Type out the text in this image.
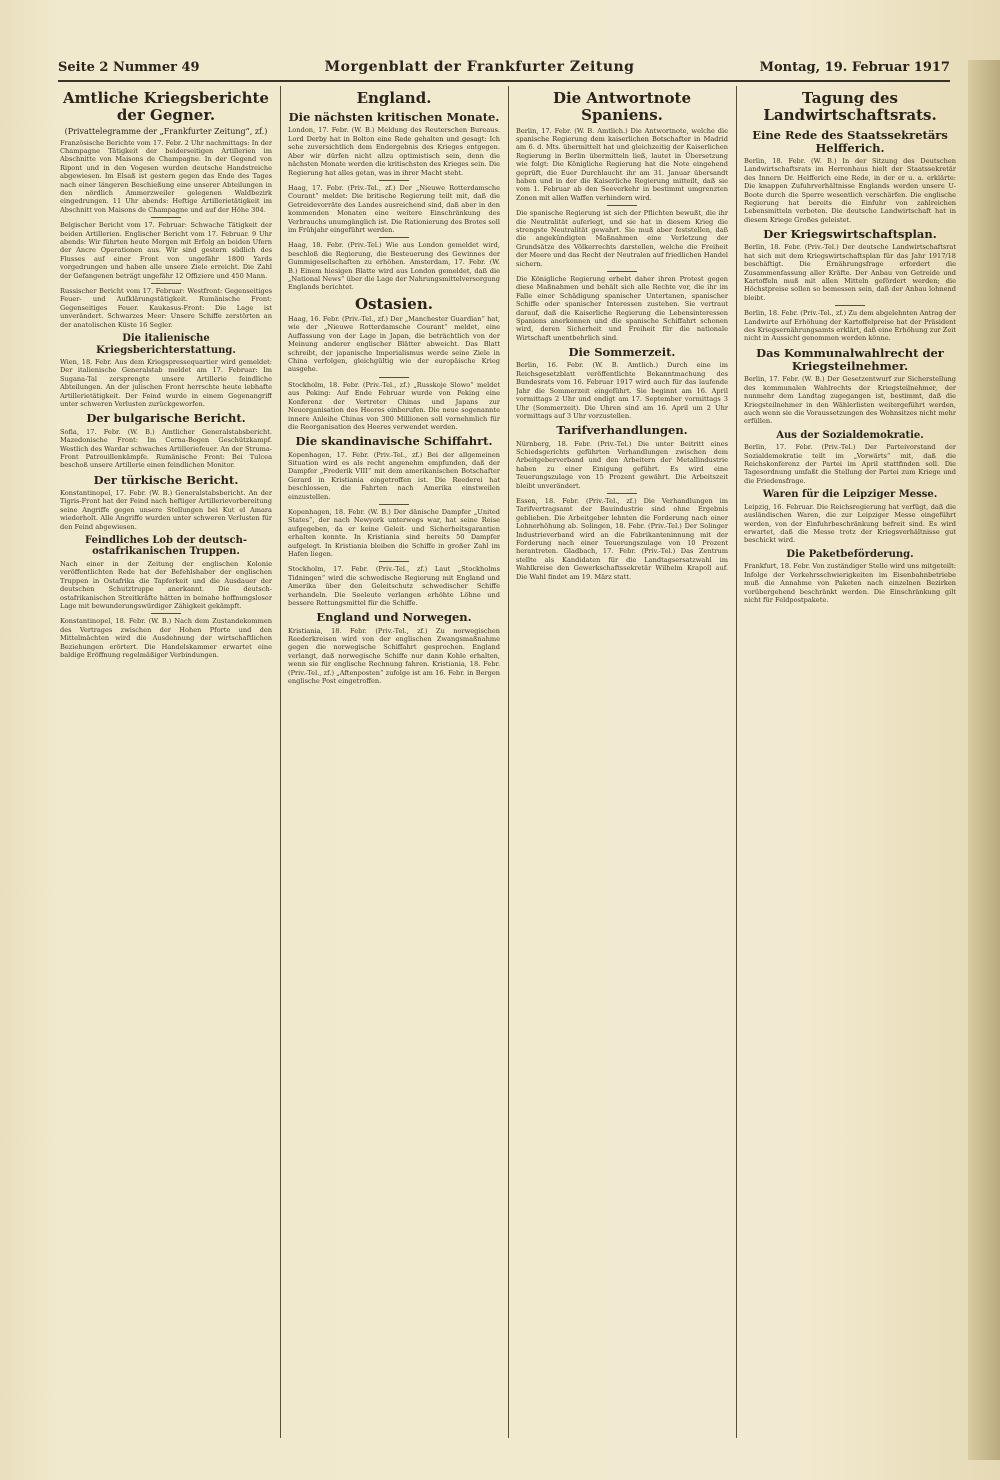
Seite 2 Nummer 49	Morgenblatt der Frankfurter Zeitung	Montag, 19. Februar 1917
Amtliche Kriegsberichte der Gegner.
(Privattelegramme der „Frankfurter Zeitung“, zf.)

Französische Berichte vom 17. Febr. 2 Uhr nachmittags: In der Champagne Tätigkeit der beiderseitigen Artillerien im Abschnitte von Maisons de Champagne. In der Gegend von Ripont und in den Vogesen wurden deutsche Handstreiche abgewiesen. Im Elsaß ist gestern gegen das Ende des Tages nach einer längeren Beschießung eine unserer Abteilungen in den nördlich Ammerzweiler gelegenen Waldbezirk eingedrungen. 11 Uhr abends: Heftige Artillerietätigkeit im Abschnitt von Maisons de Champagne und auf der Höhe 304.

Belgischer Bericht vom 17. Februar: Schwache Tätigkeit der beiden Artillerien. Englischer Bericht vom 17. Februar. 9 Uhr abends: Wir führten heute Morgen mit Erfolg an beiden Ufern der Ancre Operationen aus. Wir sind gestern südlich des Flusses auf einer Front von ungefähr 1800 Yards vorgedrungen und haben alle unsere Ziele erreicht. Die Zahl der Gefangenen beträgt ungefähr 12 Offiziere und 450 Mann.

Russischer Bericht vom 17. Februar: Westfront: Gegenseitiges Feuer- und Aufklärungstätigkeit. Rumänische Front: Gegenseitiges Feuer. Kaukasus-Front: Die Lage ist unverändert. Schwarzes Meer: Unsere Schiffe zerstörten an der anatolischen Küste 16 Segler.

Die italienische Kriegsberichterstattung.

Wien, 18. Febr. Aus dem Kriegspressequartier wird gemeldet: Der italienische Generalstab meldet am 17. Februar: Im Sugana-Tal zersprengte unsere Artillerie feindliche Abteilungen. An der julischen Front herrschte heute lebhafte Artillerietätigkeit. Der Feind wurde in einem Gegenangriff unter schweren Verlusten zurückgeworfen.

Der bulgarische Bericht.

Sofia, 17. Febr. (W. B.) Amtlicher Generalstabsbericht. Mazedonische Front: Im Cerna-Bogen Geschützkampf. Westlich des Wardar schwaches Artilleriefeuer. An der Struma-Front Patrouillenkämpfe. Rumänische Front: Bei Tulcea beschoß unsere Artillerie einen feindlichen Monitor.

Der türkische Bericht.

Konstantinopel, 17. Febr. (W. B.) Generalstabsbericht. An der Tigris-Front hat der Feind nach heftiger Artillerievorbereitung seine Angriffe gegen unsere Stellungen bei Kut el Amara wiederholt. Alle Angriffe wurden unter schweren Verlusten für den Feind abgewiesen.

Feindliches Lob der deutsch-ostafrikanischen Truppen.

Nach einer in der Zeitung der englischen Kolonie veröffentlichten Rede hat der Befehlshaber der englischen Truppen in Ostafrika die Tapferkeit und die Ausdauer der deutschen Schutztruppe anerkannt. Die deutsch-ostafrikanischen Streitkräfte hätten in beinahe hoffnungsloser Lage mit bewunderungswürdiger Zähigkeit gekämpft.

Konstantinopel, 18. Febr. (W. B.) Nach dem Zustandekommen des Vertrages zwischen der Hohen Pforte und den Mittelmächten wird die Ausdehnung der wirtschaftlichen Beziehungen erörtert. Die Handelskammer erwartet eine baldige Eröffnung regelmäßiger Verbindungen.

England.
Die nächsten kritischen Monate.

London, 17. Febr. (W. B.) Meldung des Reuterschen Bureaus. Lord Derby hat in Bolton eine Rede gehalten und gesagt: Ich sehe zuversichtlich dem Endergebnis des Krieges entgegen. Aber wir dürfen nicht allzu optimistisch sein, denn die nächsten Monate werden die kritischsten des Krieges sein. Die Regierung hat alles getan, was in ihrer Macht steht.

Haag, 17. Febr. (Priv.-Tel., zf.) Der „Nieuwe Rotterdamsche Courant“ meldet: Die britische Regierung teilt mit, daß die Getreidevorräte des Landes ausreichend sind, daß aber in den kommenden Monaten eine weitere Einschränkung des Verbrauchs unumgänglich ist. Die Rationierung des Brotes soll im Frühjahr eingeführt werden.

Haag, 18. Febr. (Priv.-Tel.) Wie aus London gemeldet wird, beschloß die Regierung, die Besteuerung des Gewinnes der Gummigesellschaften zu erhöhen. Amsterdam, 17. Febr. (W. B.) Einem hiesigen Blatte wird aus London gemeldet, daß die „National News“ über die Lage der Nahrungsmittelversorgung Englands berichtet.

Ostasien.

Haag, 16. Febr. (Priv.-Tel., zf.) Der „Manchester Guardian“ hat, wie der „Nieuwe Rotterdamsche Courant“ meldet, eine Auffassung von der Lage in Japan, die beträchtlich von der Meinung anderer englischer Blätter abweicht. Das Blatt schreibt, der japanische Imperialismus werde seine Ziele in China verfolgen, gleichgültig wie der europäische Krieg ausgehe.

Stockholm, 18. Febr. (Priv.-Tel., zf.) „Russkoje Slowo“ meldet aus Peking: Auf Ende Februar wurde von Peking eine Konferenz der Vertreter Chinas und Japans zur Neuorganisation des Heeres einberufen. Die neue sogenannte innere Anleihe Chinas von 300 Millionen soll vornehmlich für die Reorganisation des Heeres verwendet werden.

Die skandinavische Schiffahrt.

Kopenhagen, 17. Febr. (Priv.-Tel., zf.) Bei der allgemeinen Situation wird es als recht angenehm empfunden, daß der Dampfer „Frederik VIII“ mit dem amerikanischen Botschafter Gerard in Kristiania eingetroffen ist. Die Reederei hat beschlossen, die Fahrten nach Amerika einstweilen einzustellen.

Kopenhagen, 18. Febr. (W. B.) Der dänische Dampfer „United States“, der nach Newyork unterwegs war, hat seine Reise aufgegeben, da er keine Geleit- und Sicherheitsgarantien erhalten konnte. In Kristiania sind bereits 50 Dampfer aufgelegt. In Kristiania bleiben die Schiffe in großer Zahl im Hafen liegen.

Stockholm, 17. Febr. (Priv.-Tel., zf.) Laut „Stockholms Tidningen“ wird die schwedische Regierung mit England und Amerika über den Geleitschutz schwedischer Schiffe verhandeln. Die Seeleute verlangen erhöhte Löhne und bessere Rettungsmittel für die Schiffe.

England und Norwegen.

Kristiania, 18. Febr. (Priv.-Tel., zf.) Zu norwegischen Reederkreisen wird von der englischen Zwangsmaßnahme gegen die norwegische Schiffahrt gesprochen. England verlangt, daß norwegische Schiffe nur dann Kohle erhalten, wenn sie für englische Rechnung fahren. Kristiania, 18. Febr. (Priv.-Tel., zf.) „Aftenposten“ zufolge ist am 16. Febr. in Bergen englische Post eingetroffen.

Die Antwortnote Spaniens.

Berlin, 17. Febr. (W. B. Amtlich.) Die Antwortnote, welche die spanische Regierung dem kaiserlichen Botschafter in Madrid am 6. d. Mts. übermittelt hat und gleichzeitig der Kaiserlichen Regierung in Berlin übermitteln ließ, lautet in Übersetzung wie folgt: Die Königliche Regierung hat die Note eingehend geprüft, die Euer Durchlaucht ihr am 31. Januar übersandt haben und in der die Kaiserliche Regierung mitteilt, daß sie vom 1. Februar ab den Seeverkehr in bestimmt umgrenzten Zonen mit allen Waffen verhindern wird.

Die spanische Regierung ist sich der Pflichten bewußt, die ihr die Neutralität auferlegt, und sie hat in diesem Krieg die strengste Neutralität gewahrt. Sie muß aber feststellen, daß die angekündigten Maßnahmen eine Verletzung der Grundsätze des Völkerrechts darstellen, welche die Freiheit der Meere und das Recht der Neutralen auf friedlichen Handel sichern.

Die Königliche Regierung erhebt daher ihren Protest gegen diese Maßnahmen und behält sich alle Rechte vor, die ihr im Falle einer Schädigung spanischer Untertanen, spanischer Schiffe oder spanischer Interessen zustehen. Sie vertraut darauf, daß die Kaiserliche Regierung die Lebensinteressen Spaniens anerkennen und die spanische Schiffahrt schonen wird, deren Sicherheit und Freiheit für die nationale Wirtschaft unentbehrlich sind.

Die Sommerzeit.

Berlin, 16. Febr. (W. B. Amtlich.) Durch eine im Reichsgesetzblatt veröffentlichte Bekanntmachung des Bundesrats vom 16. Februar 1917 wird auch für das laufende Jahr die Sommerzeit eingeführt. Sie beginnt am 16. April vormittags 2 Uhr und endigt am 17. September vormittags 3 Uhr (Sommerzeit). Die Uhren sind am 16. April um 2 Uhr vormittags auf 3 Uhr vorzustellen.

Tarifverhandlungen.

Nürnberg, 18. Febr. (Priv.-Tel.) Die unter Beitritt eines Schiedsgerichts geführten Verhandlungen zwischen dem Arbeitgeberverband und den Arbeitern der Metallindustrie haben zu einer Einigung geführt. Es wird eine Teuerungszulage von 15 Prozent gewährt. Die Arbeitszeit bleibt unverändert.

Essen, 18. Febr. (Priv.-Tel., zf.) Die Verhandlungen im Tarifvertragsamt der Bauindustrie sind ohne Ergebnis geblieben. Die Arbeitgeber lehnten die Forderung nach einer Lohnerhöhung ab. Solingen, 18. Febr. (Priv.-Tel.) Der Solinger Industrieverband wird an die Fabrikanteninnung mit der Forderung nach einer Teuerungszulage von 10 Prozent herantreten. Gladbach, 17. Febr. (Priv.-Tel.) Das Zentrum stellte als Kandidaten für die Landtagsersatzwahl im Wahlkreise den Gewerkschaftssekretär Wilhelm Krapoll auf. Die Wahl findet am 19. März statt.

Tagung des Landwirtschaftsrats.
Eine Rede des Staatssekretärs Helfferich.

Berlin, 18. Febr. (W. B.) In der Sitzung des Deutschen Landwirtschaftsrats im Herrenhaus hielt der Staatssekretär des Innern Dr. Helfferich eine Rede, in der er u. a. erklärte: Die knappen Zufuhrverhältnisse Englands werden unsere U-Boote durch die Sperre wesentlich verschärfen. Die englische Regierung hat bereits die Einfuhr von zahlreichen Lebensmitteln verboten. Die deutsche Landwirtschaft hat in diesem Kriege Großes geleistet.

Der Kriegswirtschaftsplan.

Berlin, 18. Febr. (Priv.-Tel.) Der deutsche Landwirtschaftsrat hat sich mit dem Kriegswirtschaftsplan für das Jahr 1917/18 beschäftigt. Die Ernährungsfrage erfordert die Zusammenfassung aller Kräfte. Der Anbau von Getreide und Kartoffeln muß mit allen Mitteln gefördert werden; die Höchstpreise sollen so bemessen sein, daß der Anbau lohnend bleibt.

Berlin, 18. Febr. (Priv.-Tel., zf.) Zu dem abgelehnten Antrag der Landwirte auf Erhöhung der Kartoffelpreise hat der Präsident des Kriegsernährungsamts erklärt, daß eine Erhöhung zur Zeit nicht in Aussicht genommen werden könne.

Das Kommunalwahlrecht der Kriegsteilnehmer.

Berlin, 17. Febr. (W. B.) Der Gesetzentwurf zur Sicherstellung des kommunalen Wahlrechts der Kriegsteilnehmer, der nunmehr dem Landtag zugegangen ist, bestimmt, daß die Kriegsteilnehmer in den Wählerlisten weitergeführt werden, auch wenn sie die Voraussetzungen des Wohnsitzes nicht mehr erfüllen.

Aus der Sozialdemokratie.

Berlin, 17. Febr. (Priv.-Tel.) Der Parteivorstand der Sozialdemokratie teilt im „Vorwärts“ mit, daß die Reichskonferenz der Partei im April stattfinden soll. Die Tagesordnung umfaßt die Stellung der Partei zum Kriege und die Friedensfrage.

Waren für die Leipziger Messe.

Leipzig, 16. Februar. Die Reichsregierung hat verfügt, daß die ausländischen Waren, die zur Leipziger Messe eingeführt werden, von der Einfuhrbeschränkung befreit sind. Es wird erwartet, daß die Messe trotz der Kriegsverhältnisse gut beschickt wird.

Die Paketbeförderung.

Frankfurt, 18. Febr. Von zuständiger Stelle wird uns mitgeteilt: Infolge der Verkehrsschwierigkeiten im Eisenbahnbetriebe muß die Annahme von Paketen nach einzelnen Bezirken vorübergehend beschränkt werden. Die Einschränkung gilt nicht für Feldpostpakete.
